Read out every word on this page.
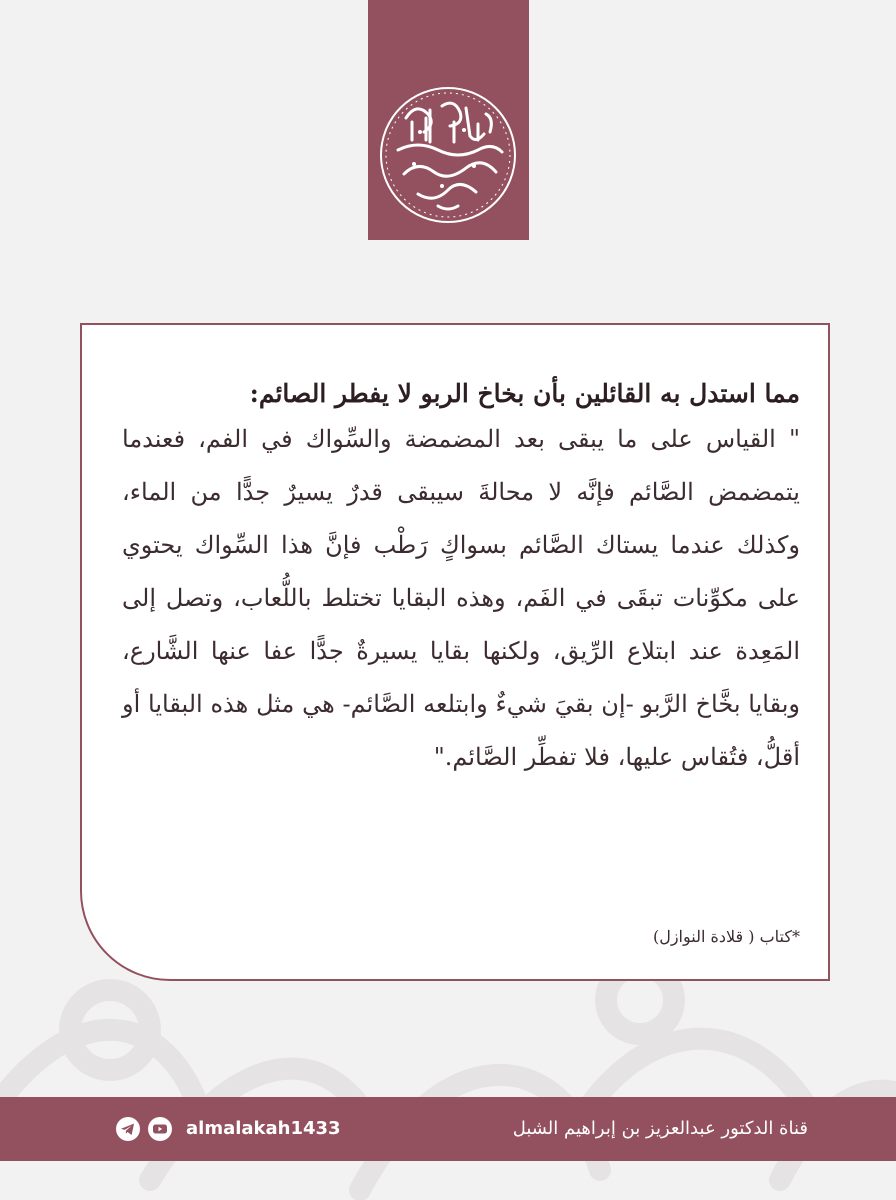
مما استدل به القائلين بأن بخاخ الربو لا يفطر الصائم:

" القياس على ما يبقى بعد المضمضة والسِّواك في الفم، فعندما يتمضمض الصَّائم فإنَّه لا محالةَ سيبقى قدرٌ يسيرٌ جدًّا من الماء، وكذلك عندما يستاك الصَّائم بسواكٍ رَطْب فإنَّ هذا السِّواك يحتوي على مكوِّنات تبقَى في الفَم، وهذه البقايا تختلط باللُّعاب، وتصل إلى المَعِدة عند ابتلاع الرِّيق، ولكنها بقايا يسيرةٌ جدًّا عفا عنها الشَّارع، وبقايا بخَّاخ الرَّبو -إن بقيَ شيءٌ وابتلعه الصَّائم- هي مثل هذه البقايا أو أقلُّ، فتُقاس عليها، فلا تفطِّر الصَّائم."

*كتاب ( قلادة النوازل)
almalakah1433	قناة الدكتور عبدالعزيز بن إبراهيم الشبل
